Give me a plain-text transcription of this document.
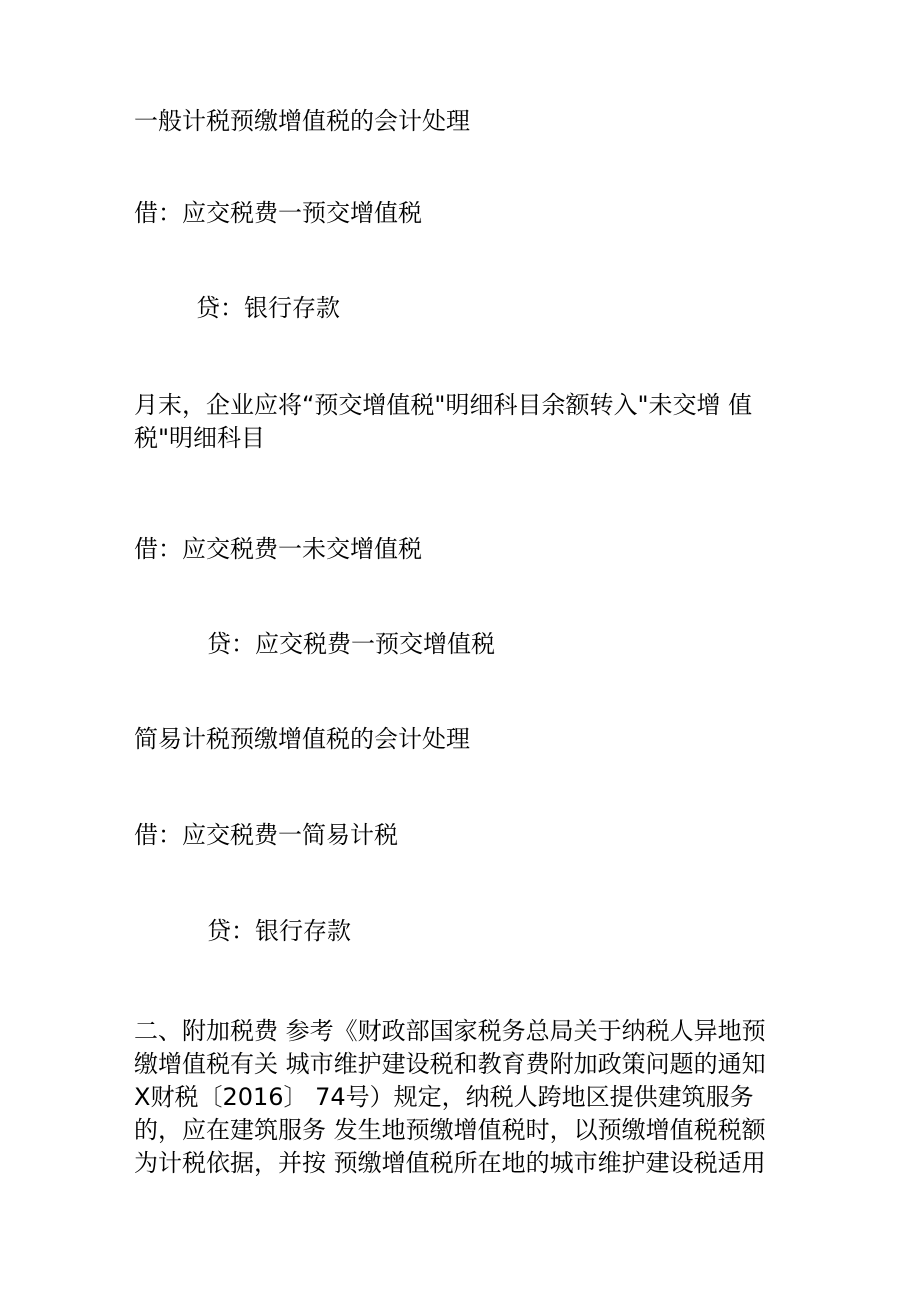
一般计税预缴增值税的会计处理
借：应交税费一预交增值税
贷：银行存款
月末，企业应将“预交增值税"明细科目余额转入"未交增 值
税"明细科目
借：应交税费一未交增值税
贷：应交税费一预交增值税
简易计税预缴增值税的会计处理
借：应交税费一简易计税
贷：银行存款
二、附加税费 参考《财政部国家税务总局关于纳税人异地预
缴增值税有关 城市维护建设税和教育费附加政策问题的通知
X财税〔2016〕 74号）规定，纳税人跨地区提供建筑服务
的，应在建筑服务 发生地预缴增值税时，以预缴增值税税额
为计税依据，并按 预缴增值税所在地的城市维护建设税适用
